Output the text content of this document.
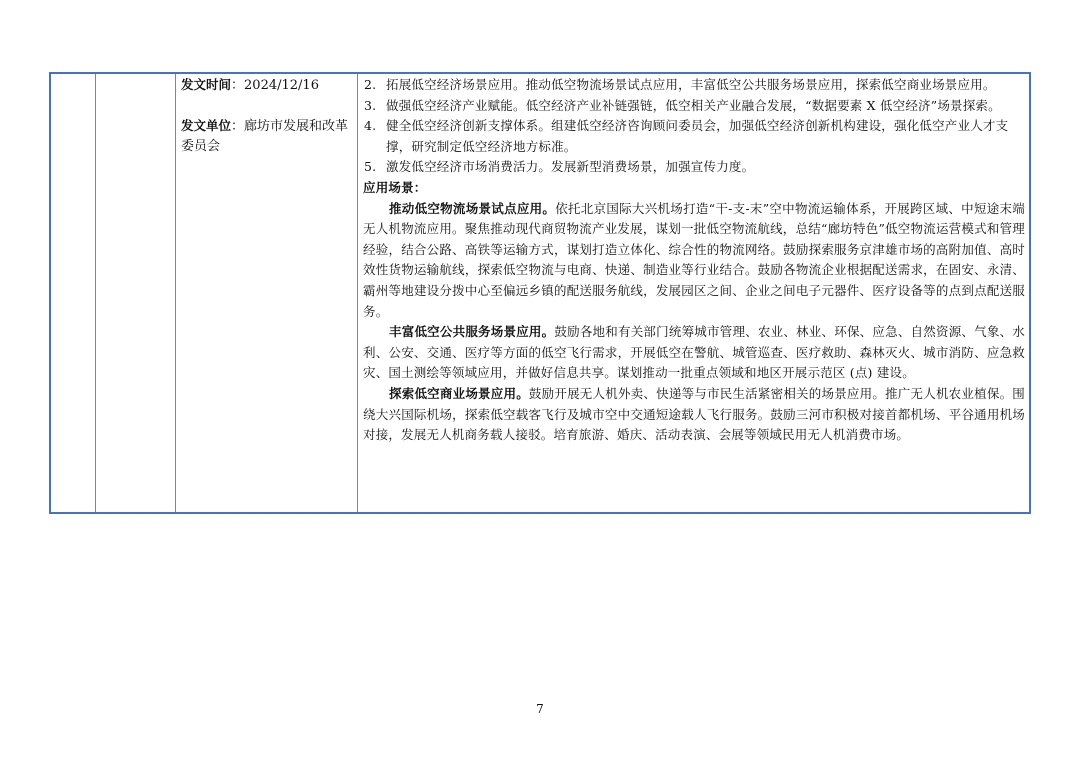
发文时间：2024/12/16

发文单位：廊坊市发展和改革委员会

2. 拓展低空经济场景应用。推动低空物流场景试点应用，丰富低空公共服务场景应用，探索低空商业场景应用。

3. 做强低空经济产业赋能。低空经济产业补链强链，低空相关产业融合发展，“数据要素 X 低空经济”场景探索。

4. 健全低空经济创新支撑体系。组建低空经济咨询顾问委员会，加强低空经济创新机构建设，强化低空产业人才支撑，研究制定低空经济地方标准。

5. 激发低空经济市场消费活力。发展新型消费场景，加强宣传力度。

应用场景：

推动低空物流场景试点应用。依托北京国际大兴机场打造“干-支-末”空中物流运输体系，开展跨区域、中短途末端无人机物流应用。聚焦推动现代商贸物流产业发展，谋划一批低空物流航线，总结“廊坊特色”低空物流运营模式和管理经验，结合公路、高铁等运输方式，谋划打造立体化、综合性的物流网络。鼓励探索服务京津雄市场的高附加值、高时效性货物运输航线，探索低空物流与电商、快递、制造业等行业结合。鼓励各物流企业根据配送需求，在固安、永清、霸州等地建设分拨中心至偏远乡镇的配送服务航线，发展园区之间、企业之间电子元器件、医疗设备等的点到点配送服务。

丰富低空公共服务场景应用。鼓励各地和有关部门统筹城市管理、农业、林业、环保、应急、自然资源、气象、水利、公安、交通、医疗等方面的低空飞行需求，开展低空在警航、城管巡查、医疗救助、森林灭火、城市消防、应急救灾、国土测绘等领域应用，并做好信息共享。谋划推动一批重点领域和地区开展示范区 (点) 建设。

探索低空商业场景应用。鼓励开展无人机外卖、快递等与市民生活紧密相关的场景应用。推广无人机农业植保。围绕大兴国际机场，探索低空载客飞行及城市空中交通短途载人飞行服务。鼓励三河市积极对接首都机场、平谷通用机场对接，发展无人机商务载人接驳。培育旅游、婚庆、活动表演、会展等领域民用无人机消费市场。

7
